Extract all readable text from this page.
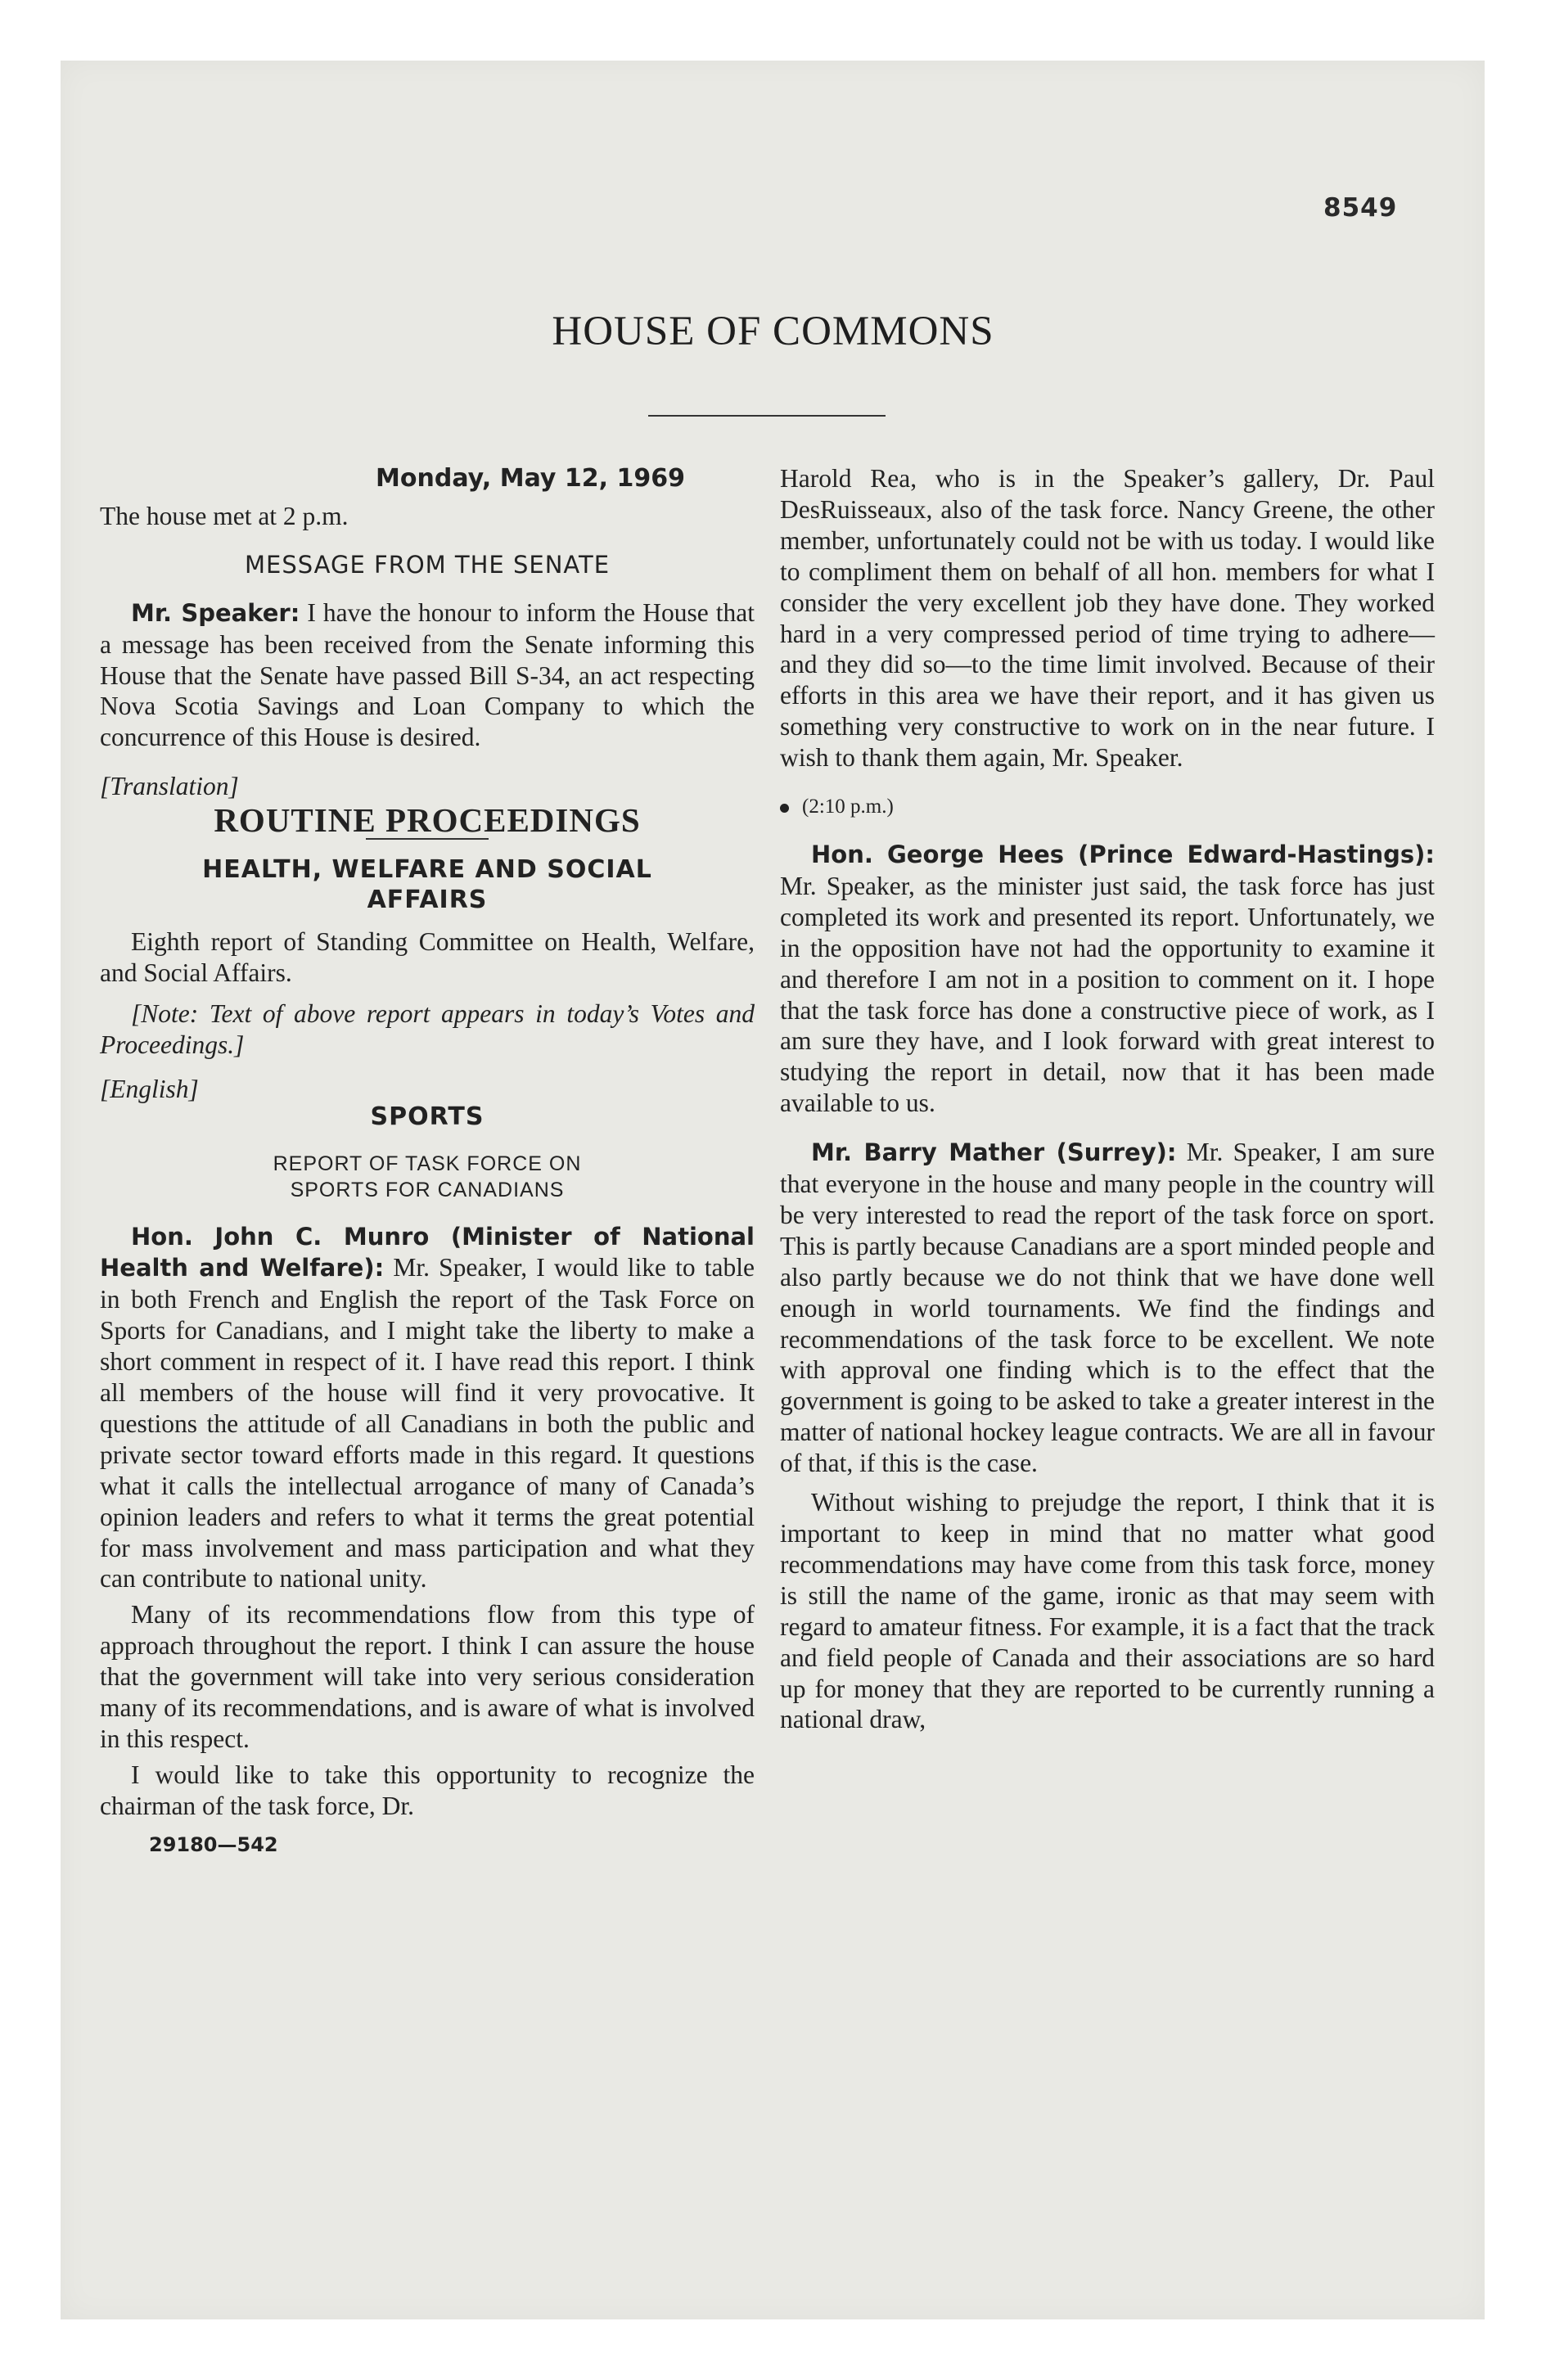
8549
HOUSE OF COMMONS

Monday, May 12, 1969

The house met at 2 p.m.

MESSAGE FROM THE SENATE

Mr. Speaker: I have the honour to inform the House that a message has been received from the Senate informing this House that the Senate have passed Bill S-34, an act respecting Nova Scotia Savings and Loan Company to which the concurrence of this House is desired.

[Translation]

ROUTINE PROCEEDINGS

HEALTH, WELFARE AND SOCIAL AFFAIRS

Eighth report of Standing Committee on Health, Welfare, and Social Affairs.

[Note: Text of above report appears in today’s Votes and Proceedings.]

[English]

SPORTS

REPORT OF TASK FORCE ON SPORTS FOR CANADIANS

Hon. John C. Munro (Minister of National Health and Welfare): Mr. Speaker, I would like to table in both French and English the report of the Task Force on Sports for Canadians, and I might take the liberty to make a short comment in respect of it. I have read this report. I think all members of the house will find it very provocative. It questions the attitude of all Canadians in both the public and private sector toward efforts made in this regard. It questions what it calls the intellectual arrogance of many of Canada’s opinion leaders and refers to what it terms the great potential for mass involvement and mass participation and what they can contribute to national unity.

Many of its recommendations flow from this type of approach throughout the report. I think I can assure the house that the government will take into very serious consideration many of its recommendations, and is aware of what is involved in this respect.

I would like to take this opportunity to recognize the chairman of the task force, Dr.

29180—542

Harold Rea, who is in the Speaker’s gallery, Dr. Paul DesRuisseaux, also of the task force. Nancy Greene, the other member, unfortunately could not be with us today. I would like to compliment them on behalf of all hon. members for what I consider the very excellent job they have done. They worked hard in a very compressed period of time trying to adhere—and they did so—to the time limit involved. Because of their efforts in this area we have their report, and it has given us something very constructive to work on in the near future. I wish to thank them again, Mr. Speaker.

(2:10 p.m.)

Hon. George Hees (Prince Edward-Hastings): Mr. Speaker, as the minister just said, the task force has just completed its work and presented its report. Unfortunately, we in the opposition have not had the opportunity to examine it and therefore I am not in a position to comment on it. I hope that the task force has done a constructive piece of work, as I am sure they have, and I look forward with great interest to studying the report in detail, now that it has been made available to us.

Mr. Barry Mather (Surrey): Mr. Speaker, I am sure that everyone in the house and many people in the country will be very interested to read the report of the task force on sport. This is partly because Canadians are a sport minded people and also partly because we do not think that we have done well enough in world tournaments. We find the findings and recommendations of the task force to be excellent. We note with approval one finding which is to the effect that the government is going to be asked to take a greater interest in the matter of national hockey league contracts. We are all in favour of that, if this is the case.

Without wishing to prejudge the report, I think that it is important to keep in mind that no matter what good recommendations may have come from this task force, money is still the name of the game, ironic as that may seem with regard to amateur fitness. For example, it is a fact that the track and field people of Canada and their associations are so hard up for money that they are reported to be currently running a national draw,
